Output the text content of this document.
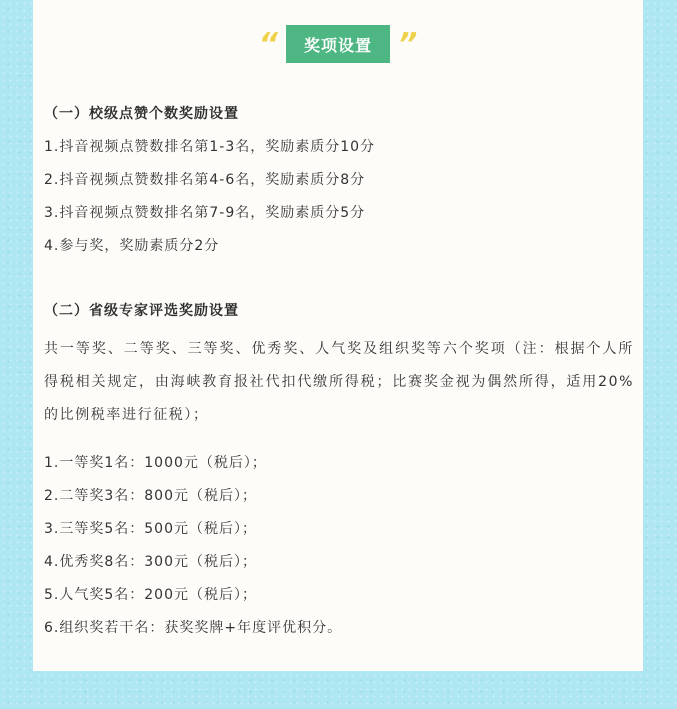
“ 奖项设置 ”
（一）校级点赞个数奖励设置
1.抖音视频点赞数排名第1-3名，奖励素质分10分
2.抖音视频点赞数排名第4-6名，奖励素质分8分
3.抖音视频点赞数排名第7-9名，奖励素质分5分
4.参与奖，奖励素质分2分
（二）省级专家评选奖励设置
共一等奖、二等奖、三等奖、优秀奖、人气奖及组织奖等六个奖项（注：根据个人所得税相关规定，由海峡教育报社代扣代缴所得税；比赛奖金视为偶然所得，适用20%的比例税率进行征税）；
1.一等奖1名：1000元（税后）；
2.二等奖3名：800元（税后）；
3.三等奖5名：500元（税后）；
4.优秀奖8名：300元（税后）；
5.人气奖5名：200元（税后）；
6.组织奖若干名：获奖奖牌+年度评优积分。
